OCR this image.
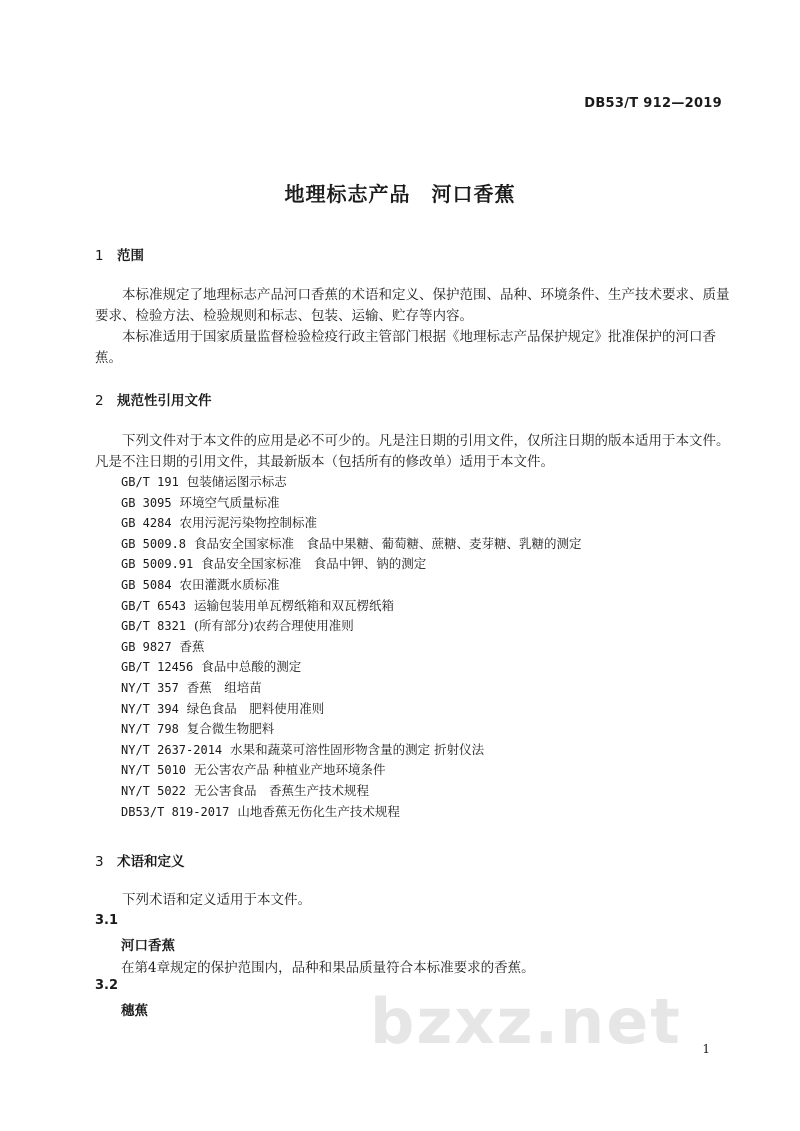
DB53/T 912—2019
地理标志产品　河口香蕉
1 范围
本标准规定了地理标志产品河口香蕉的术语和定义、保护范围、品种、环境条件、生产技术要求、质量要求、检验方法、检验规则和标志、包装、运输、贮存等内容。
本标准适用于国家质量监督检验检疫行政主管部门根据《地理标志产品保护规定》批准保护的河口香蕉。
2 规范性引用文件
下列文件对于本文件的应用是必不可少的。凡是注日期的引用文件，仅所注日期的版本适用于本文件。凡是不注日期的引用文件，其最新版本（包括所有的修改单）适用于本文件。
GB/T 191 包装储运图示标志
GB 3095 环境空气质量标准
GB 4284 农用污泥污染物控制标准
GB 5009.8 食品安全国家标准　食品中果糖、葡萄糖、蔗糖、麦芽糖、乳糖的测定
GB 5009.91 食品安全国家标准　食品中钾、钠的测定
GB 5084 农田灌溉水质标准
GB/T 6543 运输包装用单瓦楞纸箱和双瓦楞纸箱
GB/T 8321 (所有部分)农药合理使用准则
GB 9827 香蕉
GB/T 12456 食品中总酸的测定
NY/T 357 香蕉　组培苗
NY/T 394 绿色食品　肥料使用准则
NY/T 798 复合微生物肥料
NY/T 2637-2014 水果和蔬菜可溶性固形物含量的测定 折射仪法
NY/T 5010 无公害农产品 种植业产地环境条件
NY/T 5022 无公害食品　香蕉生产技术规程
DB53/T 819-2017 山地香蕉无伤化生产技术规程
3 术语和定义
下列术语和定义适用于本文件。
3.1
河口香蕉
在第4章规定的保护范围内，品种和果品质量符合本标准要求的香蕉。
3.2
穗蕉	bzxz.net 1
